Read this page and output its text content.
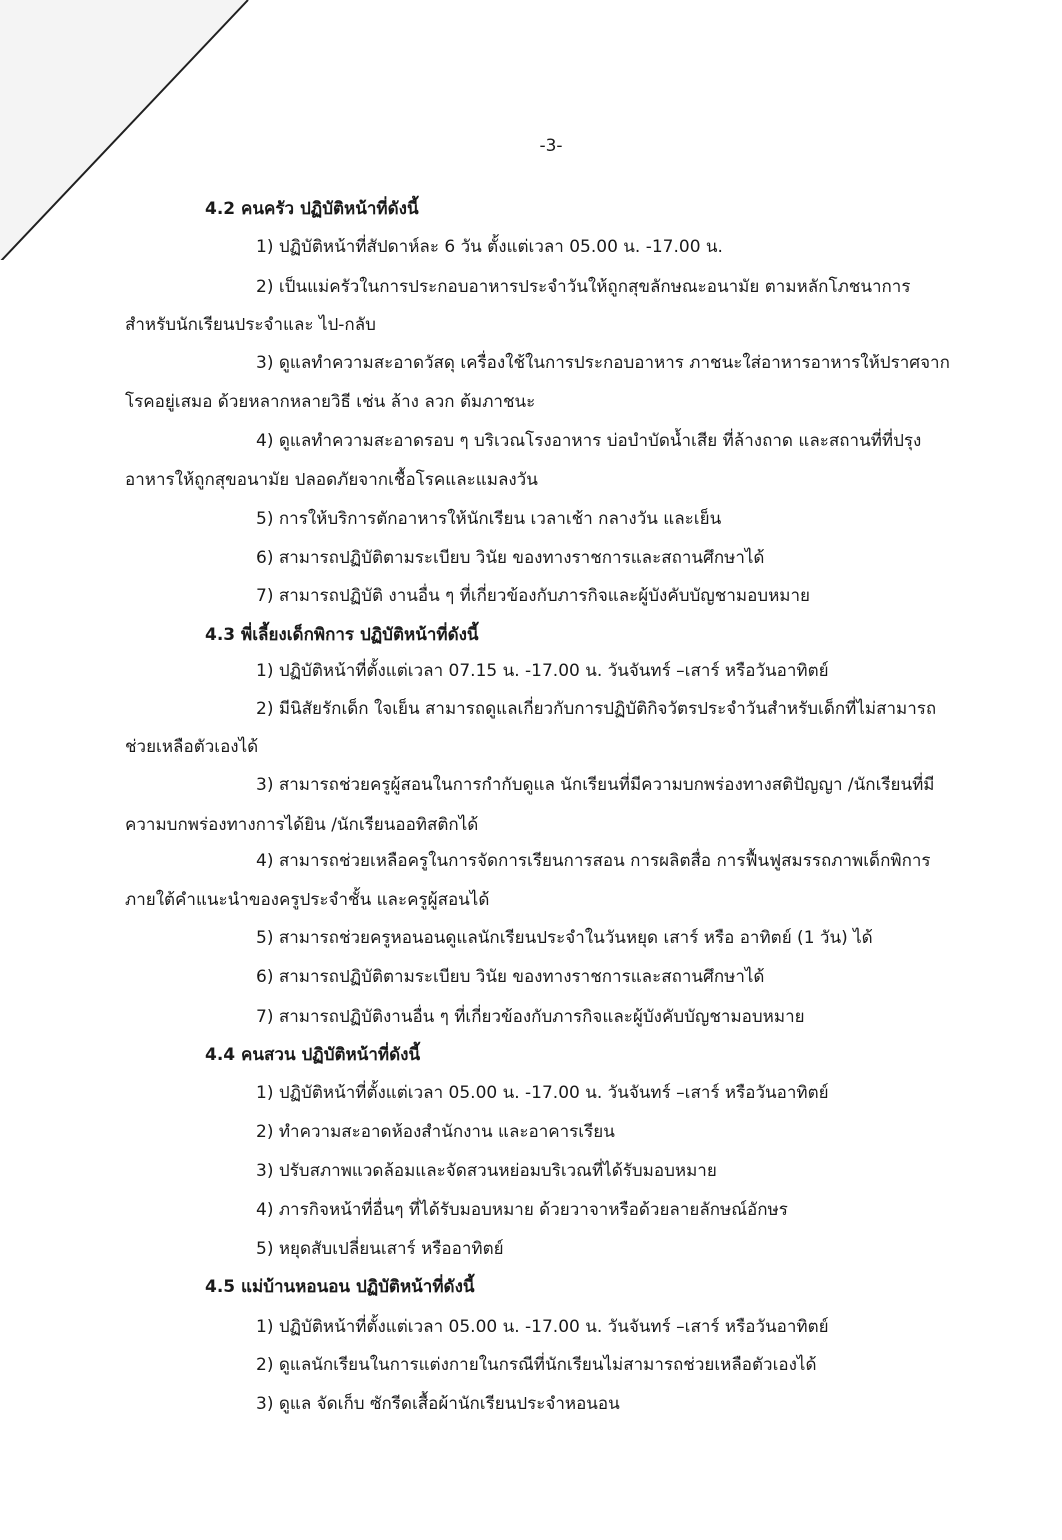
-3-
4.2 คนครัว ปฏิบัติหน้าที่ดังนี้
1) ปฏิบัติหน้าที่สัปดาห์ละ 6 วัน ตั้งแต่เวลา 05.00 น. -17.00 น.
2) เป็นแม่ครัวในการประกอบอาหารประจำวันให้ถูกสุขลักษณะอนามัย ตามหลักโภชนาการ
สำหรับนักเรียนประจำและ ไป-กลับ
3) ดูแลทำความสะอาดวัสดุ เครื่องใช้ในการประกอบอาหาร ภาชนะใส่อาหารอาหารให้ปราศจาก
โรคอยู่เสมอ ด้วยหลากหลายวิธี เช่น ล้าง ลวก ต้มภาชนะ
4) ดูแลทำความสะอาดรอบ ๆ บริเวณโรงอาหาร บ่อบำบัดน้ำเสีย ที่ล้างถาด และสถานที่ที่ปรุง
อาหารให้ถูกสุขอนามัย ปลอดภัยจากเชื้อโรคและแมลงวัน
5) การให้บริการตักอาหารให้นักเรียน เวลาเช้า กลางวัน และเย็น
6) สามารถปฏิบัติตามระเบียบ วินัย ของทางราชการและสถานศึกษาได้
7) สามารถปฏิบัติ งานอื่น ๆ ที่เกี่ยวข้องกับภารกิจและผู้บังคับบัญชามอบหมาย
4.3 พี่เลี้ยงเด็กพิการ ปฏิบัติหน้าที่ดังนี้
1) ปฏิบัติหน้าที่ตั้งแต่เวลา 07.15 น. -17.00 น. วันจันทร์ –เสาร์ หรือวันอาทิตย์
2) มีนิสัยรักเด็ก ใจเย็น สามารถดูแลเกี่ยวกับการปฏิบัติกิจวัตรประจำวันสำหรับเด็กที่ไม่สามารถ
ช่วยเหลือตัวเองได้
3) สามารถช่วยครูผู้สอนในการกำกับดูแล นักเรียนที่มีความบกพร่องทางสติปัญญา /นักเรียนที่มี
ความบกพร่องทางการได้ยิน /นักเรียนออทิสติกได้
4) สามารถช่วยเหลือครูในการจัดการเรียนการสอน การผลิตสื่อ การฟื้นฟูสมรรถภาพเด็กพิการ
ภายใต้คำแนะนำของครูประจำชั้น และครูผู้สอนได้
5) สามารถช่วยครูหอนอนดูแลนักเรียนประจำในวันหยุด เสาร์ หรือ อาทิตย์ (1 วัน) ได้
6) สามารถปฏิบัติตามระเบียบ วินัย ของทางราชการและสถานศึกษาได้
7) สามารถปฏิบัติงานอื่น ๆ ที่เกี่ยวข้องกับภารกิจและผู้บังคับบัญชามอบหมาย
4.4 คนสวน ปฏิบัติหน้าที่ดังนี้
1) ปฏิบัติหน้าที่ตั้งแต่เวลา 05.00 น. -17.00 น. วันจันทร์ –เสาร์ หรือวันอาทิตย์
2) ทำความสะอาดห้องสำนักงาน และอาคารเรียน
3) ปรับสภาพแวดล้อมและจัดสวนหย่อมบริเวณที่ได้รับมอบหมาย
4) ภารกิจหน้าที่อื่นๆ ที่ได้รับมอบหมาย ด้วยวาจาหรือด้วยลายลักษณ์อักษร
5) หยุดสับเปลี่ยนเสาร์ หรืออาทิตย์
4.5 แม่บ้านหอนอน ปฏิบัติหน้าที่ดังนี้
1) ปฏิบัติหน้าที่ตั้งแต่เวลา 05.00 น. -17.00 น. วันจันทร์ –เสาร์ หรือวันอาทิตย์
2) ดูแลนักเรียนในการแต่งกายในกรณีที่นักเรียนไม่สามารถช่วยเหลือตัวเองได้
3) ดูแล จัดเก็บ ซักรีดเสื้อผ้านักเรียนประจำหอนอน
